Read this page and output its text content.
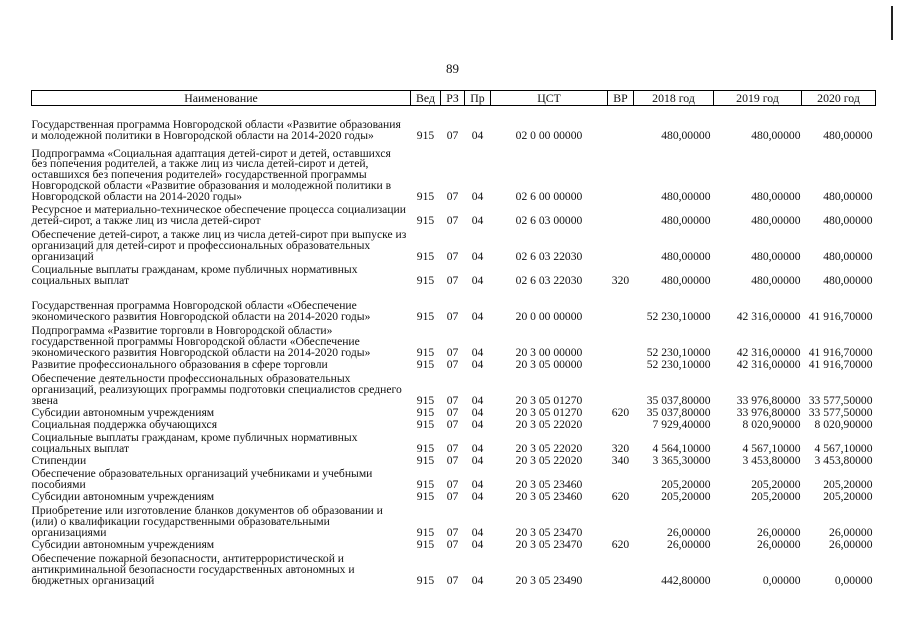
89
Наименование	Вед	РЗ	Пр	ЦСТ	ВР	2018 год	2019 год	2020 год
Государственная программа Новгородской области «Развитие образования и молодежной политики в Новгородской области на 2014-2020 годы»	915	07	04	02 0 00 00000		480,00000	480,00000	480,00000
Подпрограмма «Социальная адаптация детей-сирот и детей, оставшихся без попечения родителей, а также лиц из числа детей-сирот и детей, оставшихся без попечения родителей» государственной программы Новгородской области «Развитие образования и молодежной политики в Новгородской области на 2014-2020 годы»	915	07	04	02 6 00 00000		480,00000	480,00000	480,00000
Ресурсное и материально-техническое обеспечение процесса социализации детей-сирот, а также лиц из числа детей-сирот	915	07	04	02 6 03 00000		480,00000	480,00000	480,00000
Обеспечение детей-сирот, а также лиц из числа детей-сирот при выпуске из организаций для детей-сирот и профессиональных образовательных организаций	915	07	04	02 6 03 22030		480,00000	480,00000	480,00000
Социальные выплаты гражданам, кроме публичных нормативных социальных выплат	915	07	04	02 6 03 22030	320	480,00000	480,00000	480,00000
Государственная программа Новгородской области «Обеспечение экономического развития Новгородской области на 2014-2020 годы»	915	07	04	20 0 00 00000		52 230,10000	42 316,00000	41 916,70000
Подпрограмма «Развитие торговли в Новгородской области» государственной программы Новгородской области «Обеспечение экономического развития Новгородской области на 2014-2020 годы»	915	07	04	20 3 00 00000		52 230,10000	42 316,00000	41 916,70000
Развитие профессионального образования в сфере торговли	915	07	04	20 3 05 00000		52 230,10000	42 316,00000	41 916,70000
Обеспечение деятельности профессиональных образовательных организаций, реализующих программы подготовки специалистов среднего звена	915	07	04	20 3 05 01270		35 037,80000	33 976,80000	33 577,50000
Субсидии автономным учреждениям	915	07	04	20 3 05 01270	620	35 037,80000	33 976,80000	33 577,50000
Социальная поддержка обучающихся	915	07	04	20 3 05 22020		7 929,40000	8 020,90000	8 020,90000
Социальные выплаты гражданам, кроме публичных нормативных социальных выплат	915	07	04	20 3 05 22020	320	4 564,10000	4 567,10000	4 567,10000
Стипендии	915	07	04	20 3 05 22020	340	3 365,30000	3 453,80000	3 453,80000
Обеспечение образовательных организаций учебниками и учебными пособиями	915	07	04	20 3 05 23460		205,20000	205,20000	205,20000
Субсидии автономным учреждениям	915	07	04	20 3 05 23460	620	205,20000	205,20000	205,20000
Приобретение или изготовление бланков документов об образовании и (или) о квалификации государственными образовательными организациями	915	07	04	20 3 05 23470		26,00000	26,00000	26,00000
Субсидии автономным учреждениям	915	07	04	20 3 05 23470	620	26,00000	26,00000	26,00000
Обеспечение пожарной безопасности, антитеррористической и антикриминальной безопасности государственных автономных и бюджетных организаций	915	07	04	20 3 05 23490		442,80000	0,00000	0,00000
